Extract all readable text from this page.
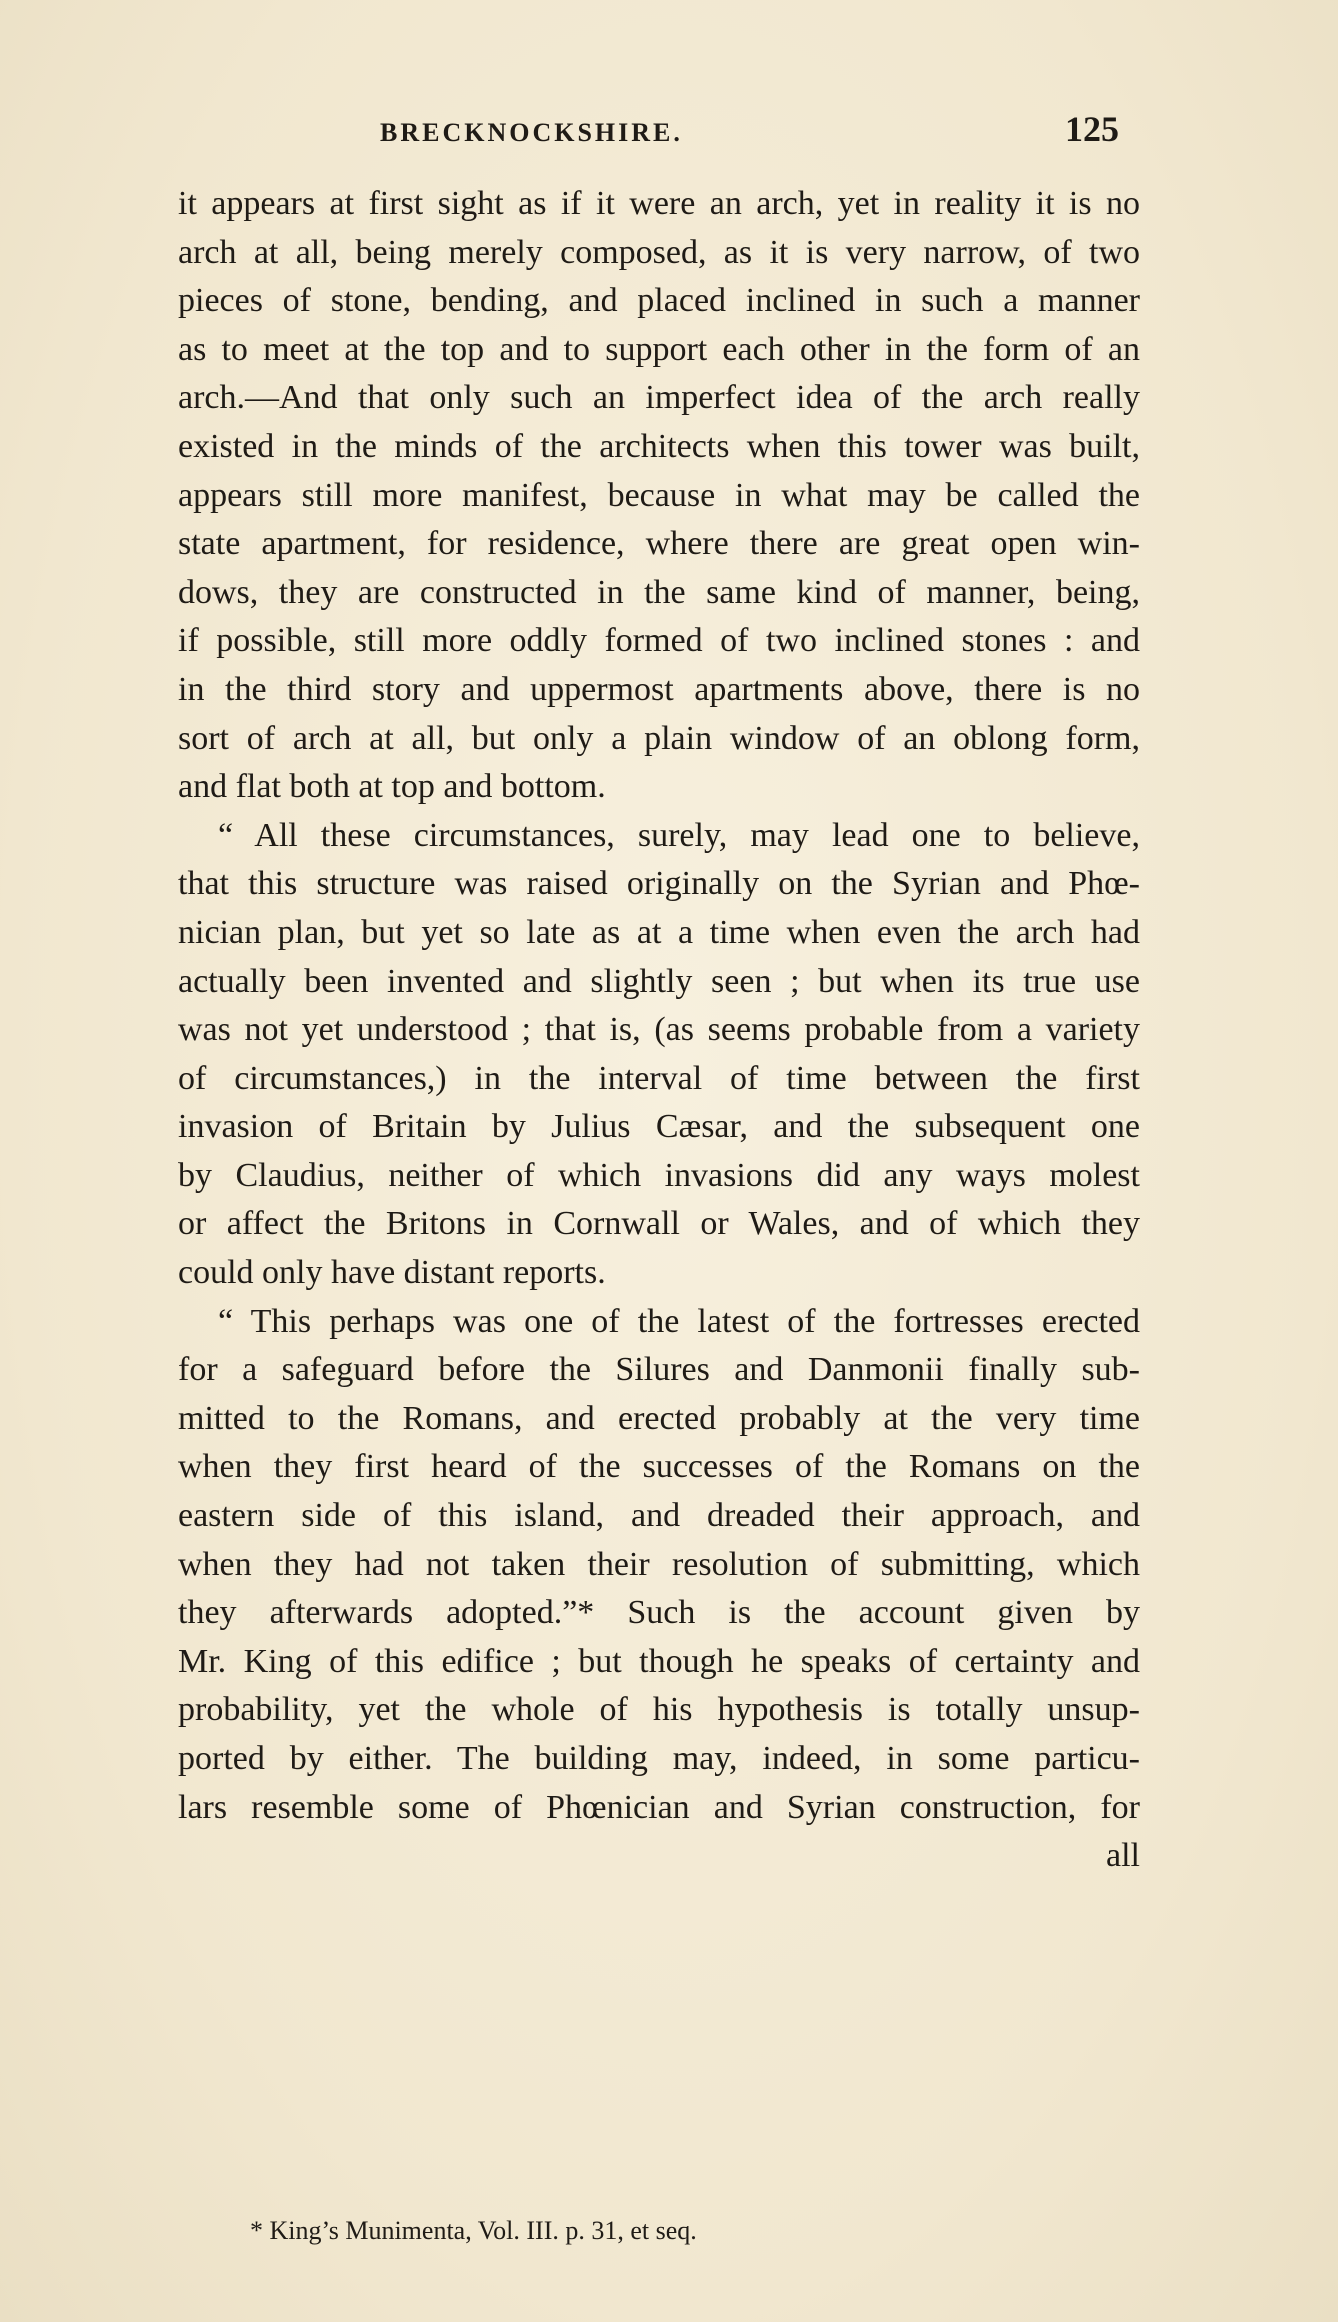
BRECKNOCKSHIRE.	125
it appears at first sight as if it were an arch, yet in reality it is no
arch at all, being merely composed, as it is very narrow, of two
pieces of stone, bending, and placed inclined in such a manner
as to meet at the top and to support each other in the form of an
arch.—And that only such an imperfect idea of the arch really
existed in the minds of the architects when this tower was built,
appears still more manifest, because in what may be called the
state apartment, for residence, where there are great open win-
dows, they are constructed in the same kind of manner, being,
if possible, still more oddly formed of two inclined stones : and
in the third story and uppermost apartments above, there is no
sort of arch at all, but only a plain window of an oblong form,
and flat both at top and bottom.
“ All these circumstances, surely, may lead one to believe,
that this structure was raised originally on the Syrian and Phœ-
nician plan, but yet so late as at a time when even the arch had
actually been invented and slightly seen ; but when its true use
was not yet understood ; that is, (as seems probable from a variety
of circumstances,) in the interval of time between the first
invasion of Britain by Julius Cæsar, and the subsequent one
by Claudius, neither of which invasions did any ways molest
or affect the Britons in Cornwall or Wales, and of which they
could only have distant reports.
“ This perhaps was one of the latest of the fortresses erected
for a safeguard before the Silures and Danmonii finally sub-
mitted to the Romans, and erected probably at the very time
when they first heard of the successes of the Romans on the
eastern side of this island, and dreaded their approach, and
when they had not taken their resolution of submitting, which
they afterwards adopted.”* Such is the account given by
Mr. King of this edifice ; but though he speaks of certainty and
probability, yet the whole of his hypothesis is totally unsup-
ported by either. The building may, indeed, in some particu-
lars resemble some of Phœnician and Syrian construction, for
all
* King’s Munimenta, Vol. III. p. 31, et seq.
